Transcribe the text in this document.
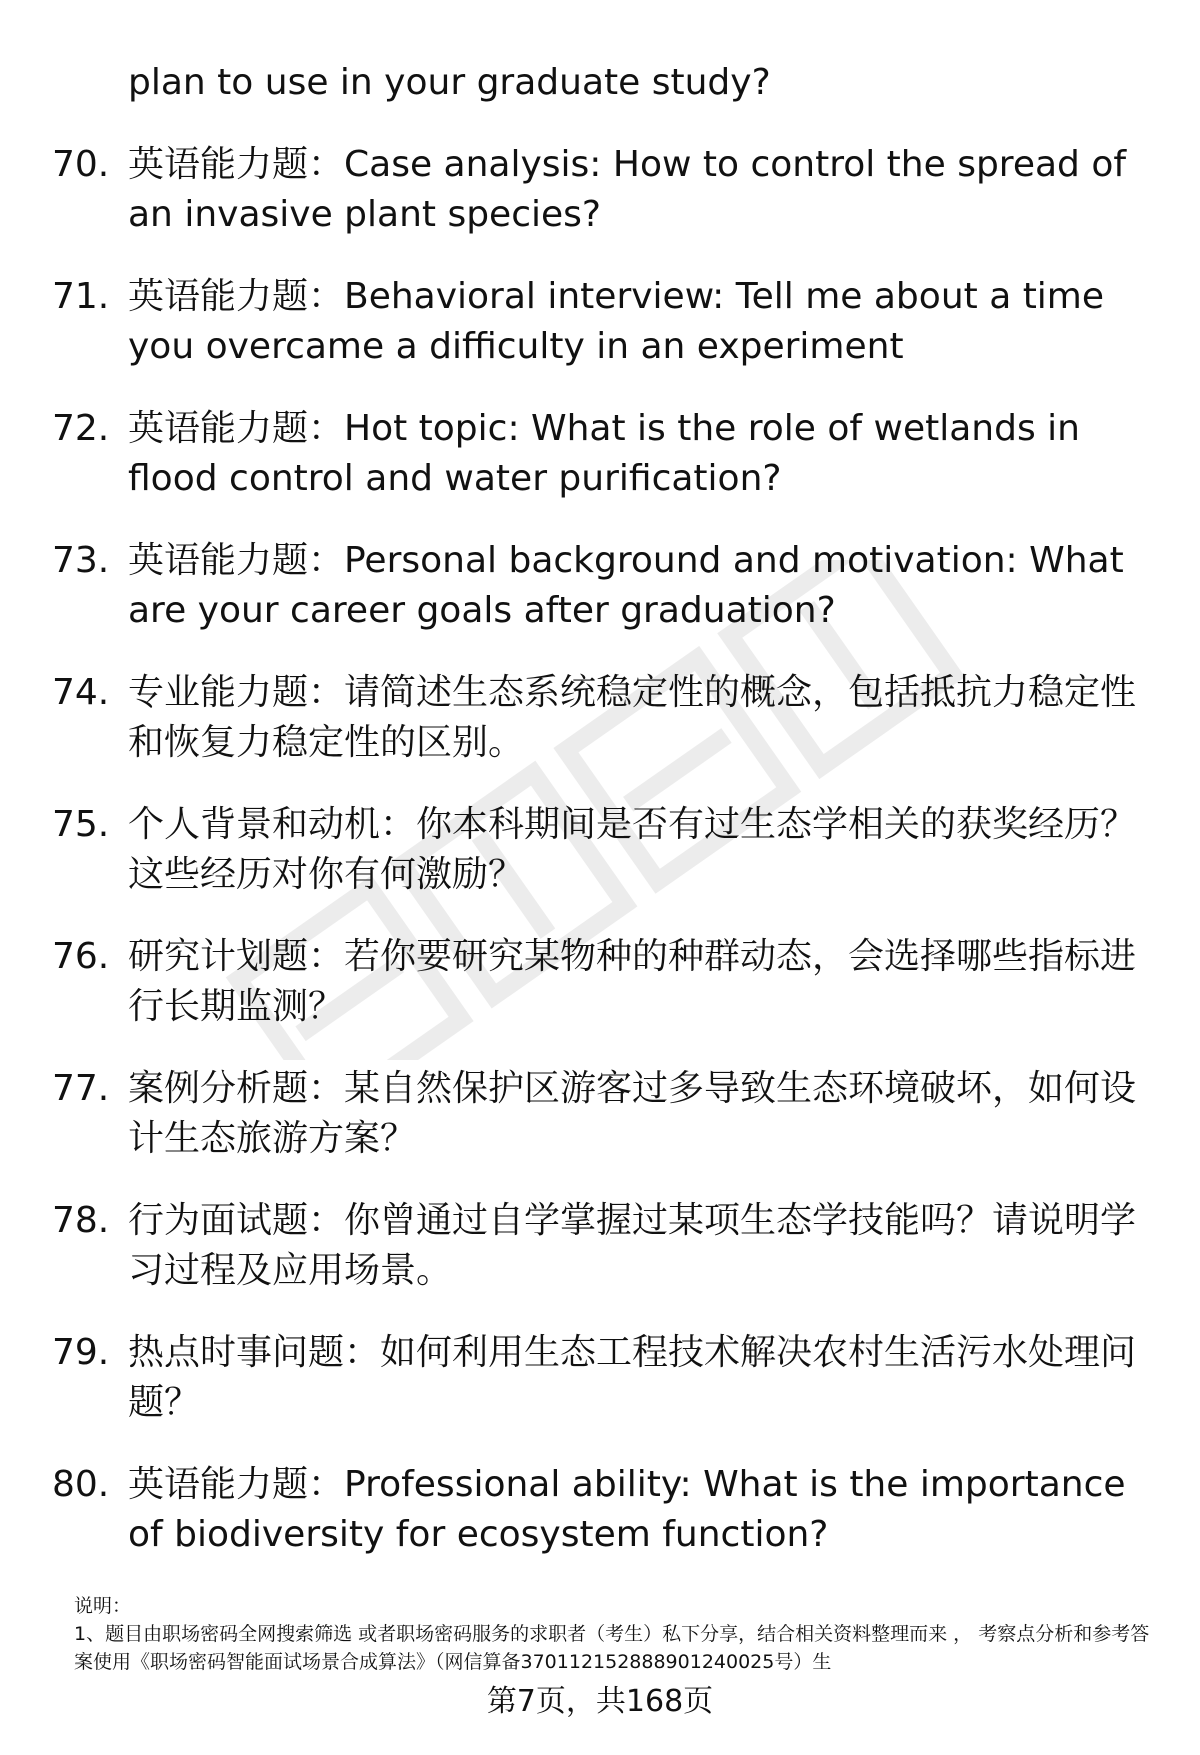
plan to use in your graduate study?
70. 英语能力题：Case analysis: How to control the spread of an invasive plant species?
71. 英语能力题：Behavioral interview: Tell me about a time you overcame a difficulty in an experiment
72. 英语能力题：Hot topic: What is the role of wetlands in flood control and water purification?
73. 英语能力题：Personal background and motivation: What are your career goals after graduation?
74. 专业能力题：请简述生态系统稳定性的概念，包括抵抗力稳定性和恢复力稳定性的区别。
75. 个人背景和动机：你本科期间是否有过生态学相关的获奖经历？这些经历对你有何激励？
76. 研究计划题：若你要研究某物种的种群动态，会选择哪些指标进行长期监测？
77. 案例分析题：某自然保护区游客过多导致生态环境破坏，如何设计生态旅游方案？
78. 行为面试题：你曾通过自学掌握过某项生态学技能吗？请说明学习过程及应用场景。
79. 热点时事问题：如何利用生态工程技术解决农村生活污水处理问题？
80. 英语能力题：Professional ability: What is the importance of biodiversity for ecosystem function?
说明：
1、题目由职场密码全网搜索筛选 或者职场密码服务的求职者（考生）私下分享，结合相关资料整理而来 ， 考察点分析和参考答案使用《职场密码智能面试场景合成算法》（网信算备370112152888901240025号）生
第7页，共168页
